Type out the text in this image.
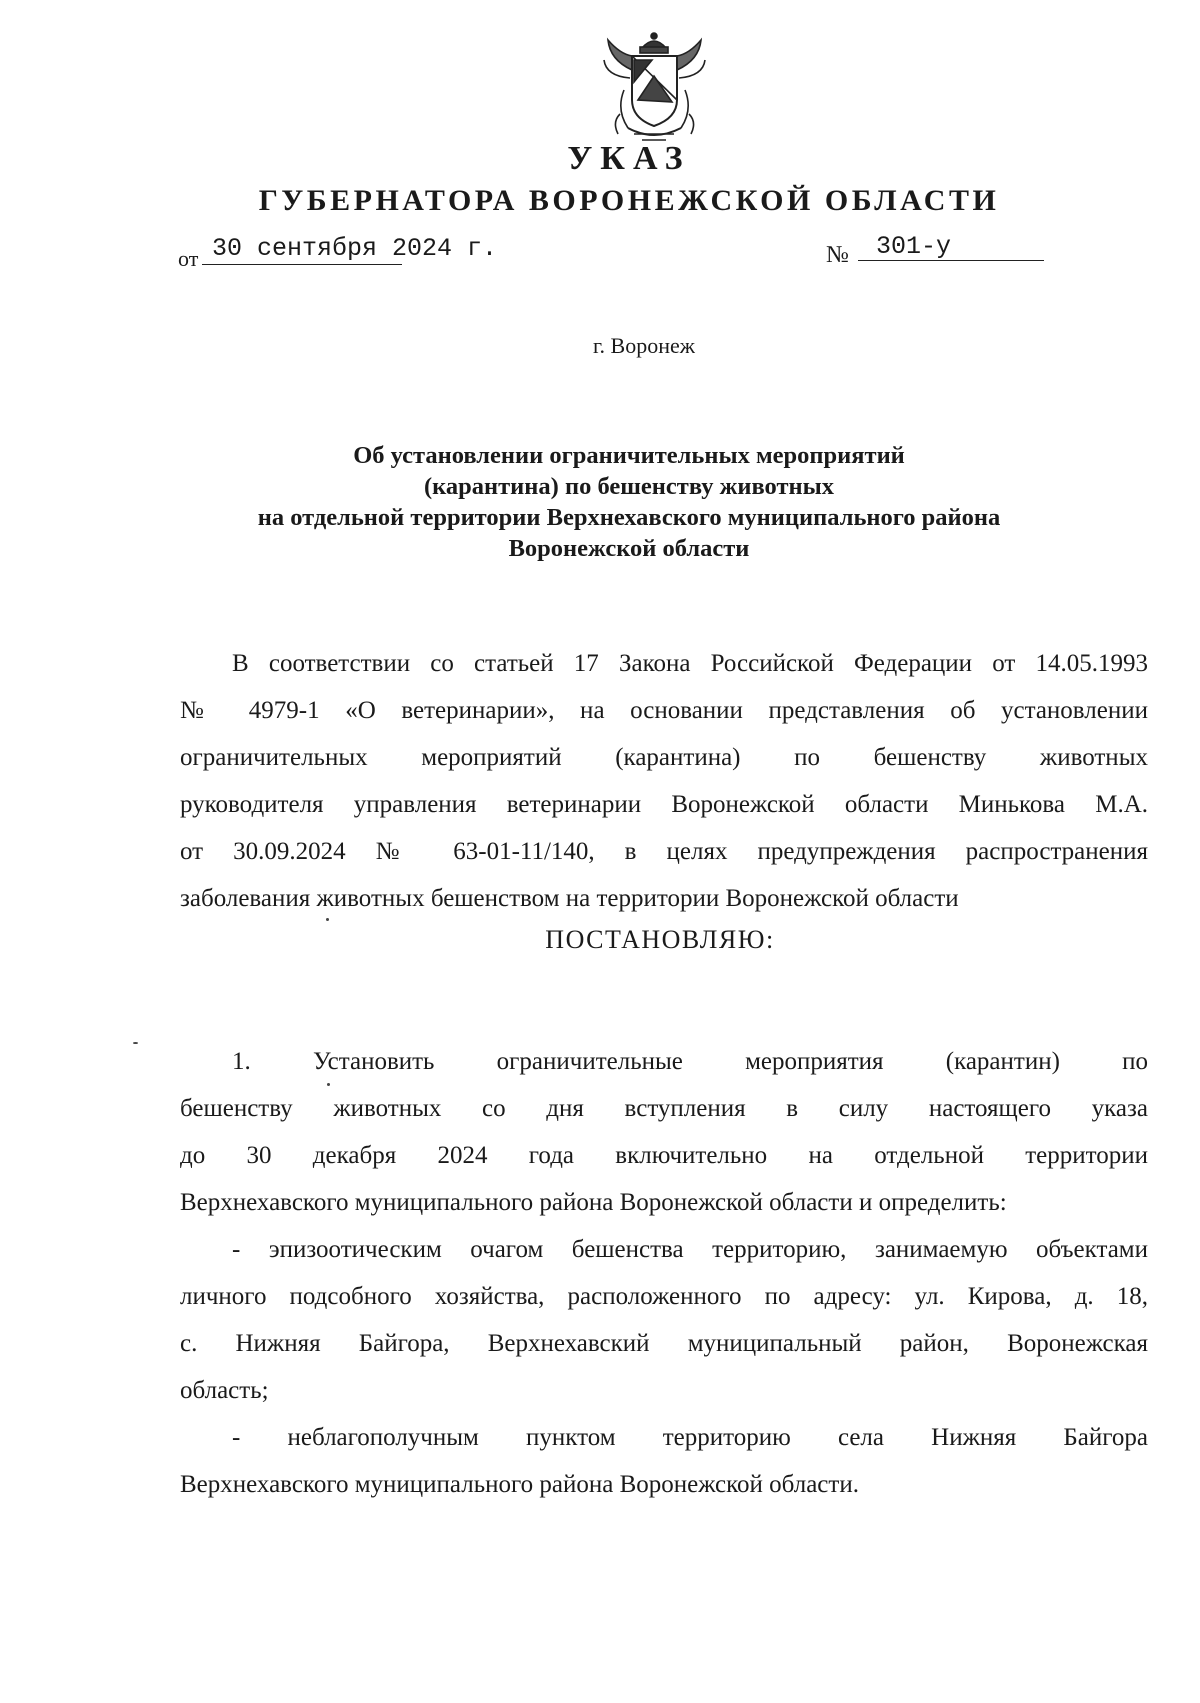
УКАЗ
ГУБЕРНАТОРА ВОРОНЕЖСКОЙ ОБЛАСТИ
от 30 сентября 2024 г.	№ 301-у
г. Воронеж
Об установлении ограничительных мероприятий
(карантина) по бешенству животных
на отдельной территории Верхнехавского муниципального района
Воронежской области
В соответствии со статьей 17 Закона Российской Федерации от 14.05.1993
№ 4979-1 «О ветеринарии», на основании представления об установлении
ограничительных мероприятий (карантина) по бешенству животных
руководителя управления ветеринарии Воронежской области Минькова М.А.
от 30.09.2024 № 63-01-11/140, в целях предупреждения распространения
заболевания животных бешенством на территории Воронежской области
ПОСТАНОВЛЯЮ:
1. Установить ограничительные мероприятия (карантин) по
бешенству животных со дня вступления в силу настоящего указа
до 30 декабря 2024 года включительно на отдельной территории
Верхнехавского муниципального района Воронежской области и определить:
- эпизоотическим очагом бешенства территорию, занимаемую объектами
личного подсобного хозяйства, расположенного по адресу: ул. Кирова, д. 18,
с. Нижняя Байгора, Верхнехавский муниципальный район, Воронежская
область;
- неблагополучным пунктом территорию села Нижняя Байгора
Верхнехавского муниципального района Воронежской области.
